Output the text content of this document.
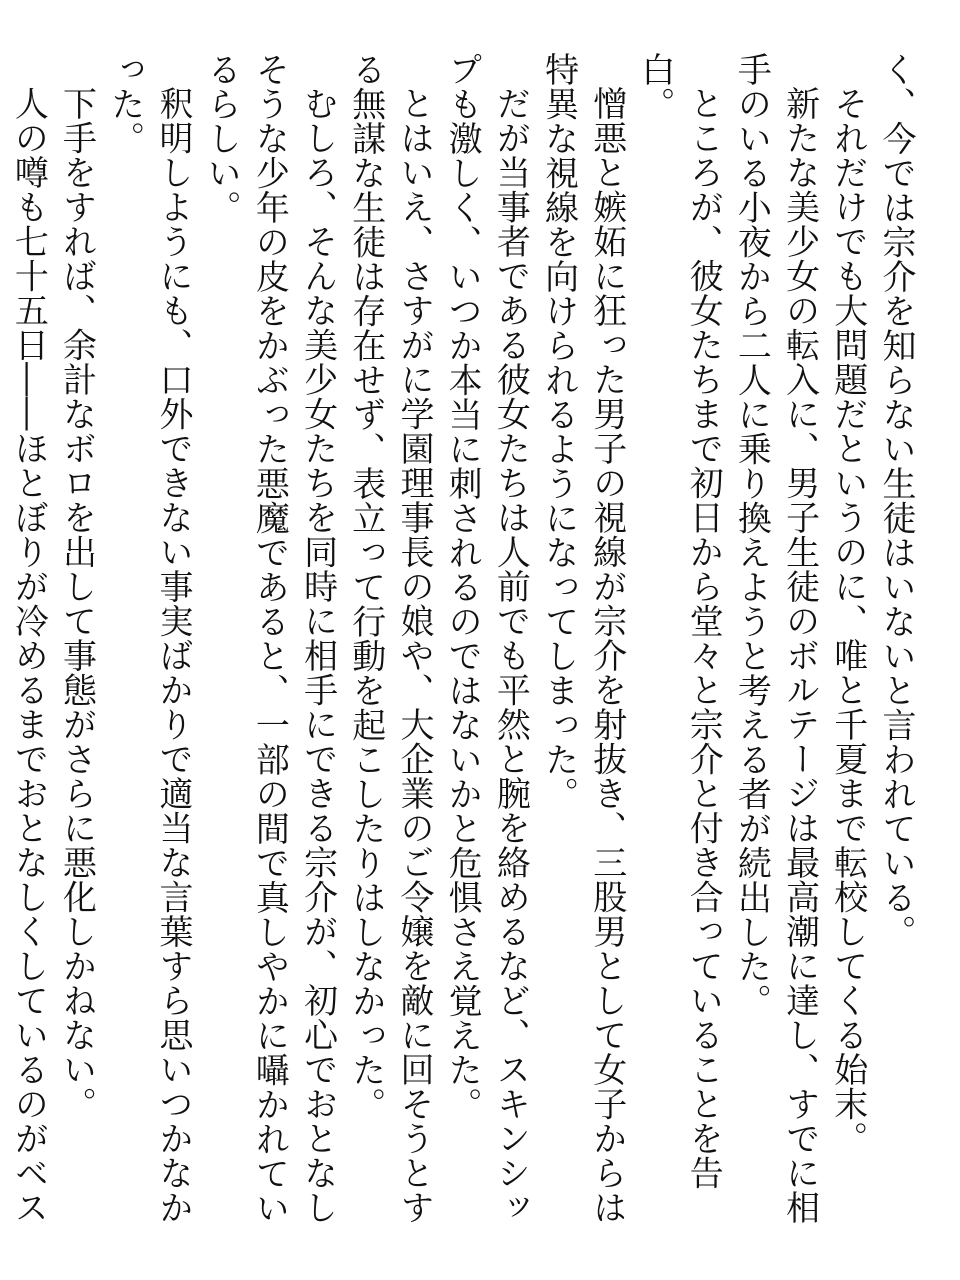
く、今では宗介を知らない生徒はいないと言われている。

それだけでも大問題だというのに、唯と千夏まで転校してくる始末。

新たな美少女の転入に、男子生徒のボルテージは最高潮に達し、すでに相手のいる小夜から二人に乗り換えようと考える者が続出した。

ところが、彼女たちまで初日から堂々と宗介と付き合っていることを告白。

憎悪と嫉妬に狂った男子の視線が宗介を射抜き、三股男として女子からは特異な視線を向けられるようになってしまった。

だが当事者である彼女たちは人前でも平然と腕を絡めるなど、スキンシップも激しく、いつか本当に刺されるのではないかと危惧さえ覚えた。

とはいえ、さすがに学園理事長の娘や、大企業のご令嬢を敵に回そうとする無謀な生徒は存在せず、表立って行動を起こしたりはしなかった。

むしろ、そんな美少女たちを同時に相手にできる宗介が、初心でおとなしそうな少年の皮をかぶった悪魔であると、一部の間で真しやかに囁かれているらしい。

釈明しようにも、口外できない事実ばかりで適当な言葉すら思いつかなかった。

下手をすれば、余計なボロを出して事態がさらに悪化しかねない。

人の噂も七十五日――ほとぼりが冷めるまでおとなしくしているのがベス
